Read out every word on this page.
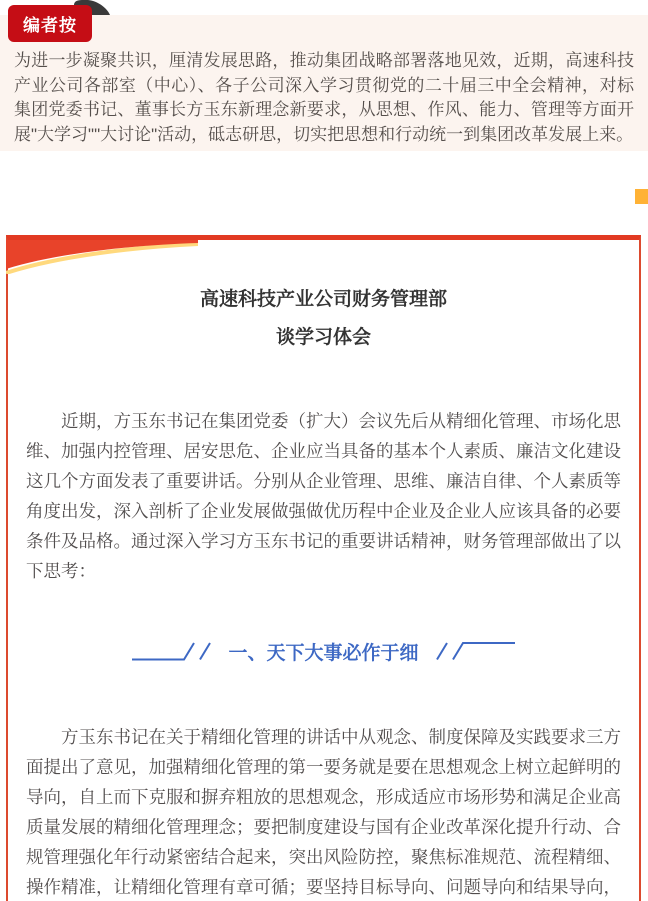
编者按

为进一步凝聚共识，厘清发展思路，推动集团战略部署落地见效，近期，高速科技产业公司各部室（中心）、各子公司深入学习贯彻党的二十届三中全会精神，对标集团党委书记、董事长方玉东新理念新要求，从思想、作风、能力、管理等方面开展"大学习""大讨论"活动，砥志研思，切实把思想和行动统一到集团改革发展上来。

高速科技产业公司财务管理部
谈学习体会

近期，方玉东书记在集团党委（扩大）会议先后从精细化管理、市场化思维、加强内控管理、居安思危、企业应当具备的基本个人素质、廉洁文化建设这几个方面发表了重要讲话。分别从企业管理、思维、廉洁自律、个人素质等角度出发，深入剖析了企业发展做强做优历程中企业及企业人应该具备的必要条件及品格。通过深入学习方玉东书记的重要讲话精神，财务管理部做出了以下思考：

一、天下大事必作于细

方玉东书记在关于精细化管理的讲话中从观念、制度保障及实践要求三方面提出了意见，加强精细化管理的第一要务就是要在思想观念上树立起鲜明的导向，自上而下克服和摒弃粗放的思想观念，形成适应市场形势和满足企业高质量发展的精细化管理理念；要把制度建设与国有企业改革深化提升行动、合规管理强化年行动紧密结合起来，突出风险防控，聚焦标准规范、流程精细、操作精准，让精细化管理有章可循；要坚持目标导向、问题导向和结果导向，
